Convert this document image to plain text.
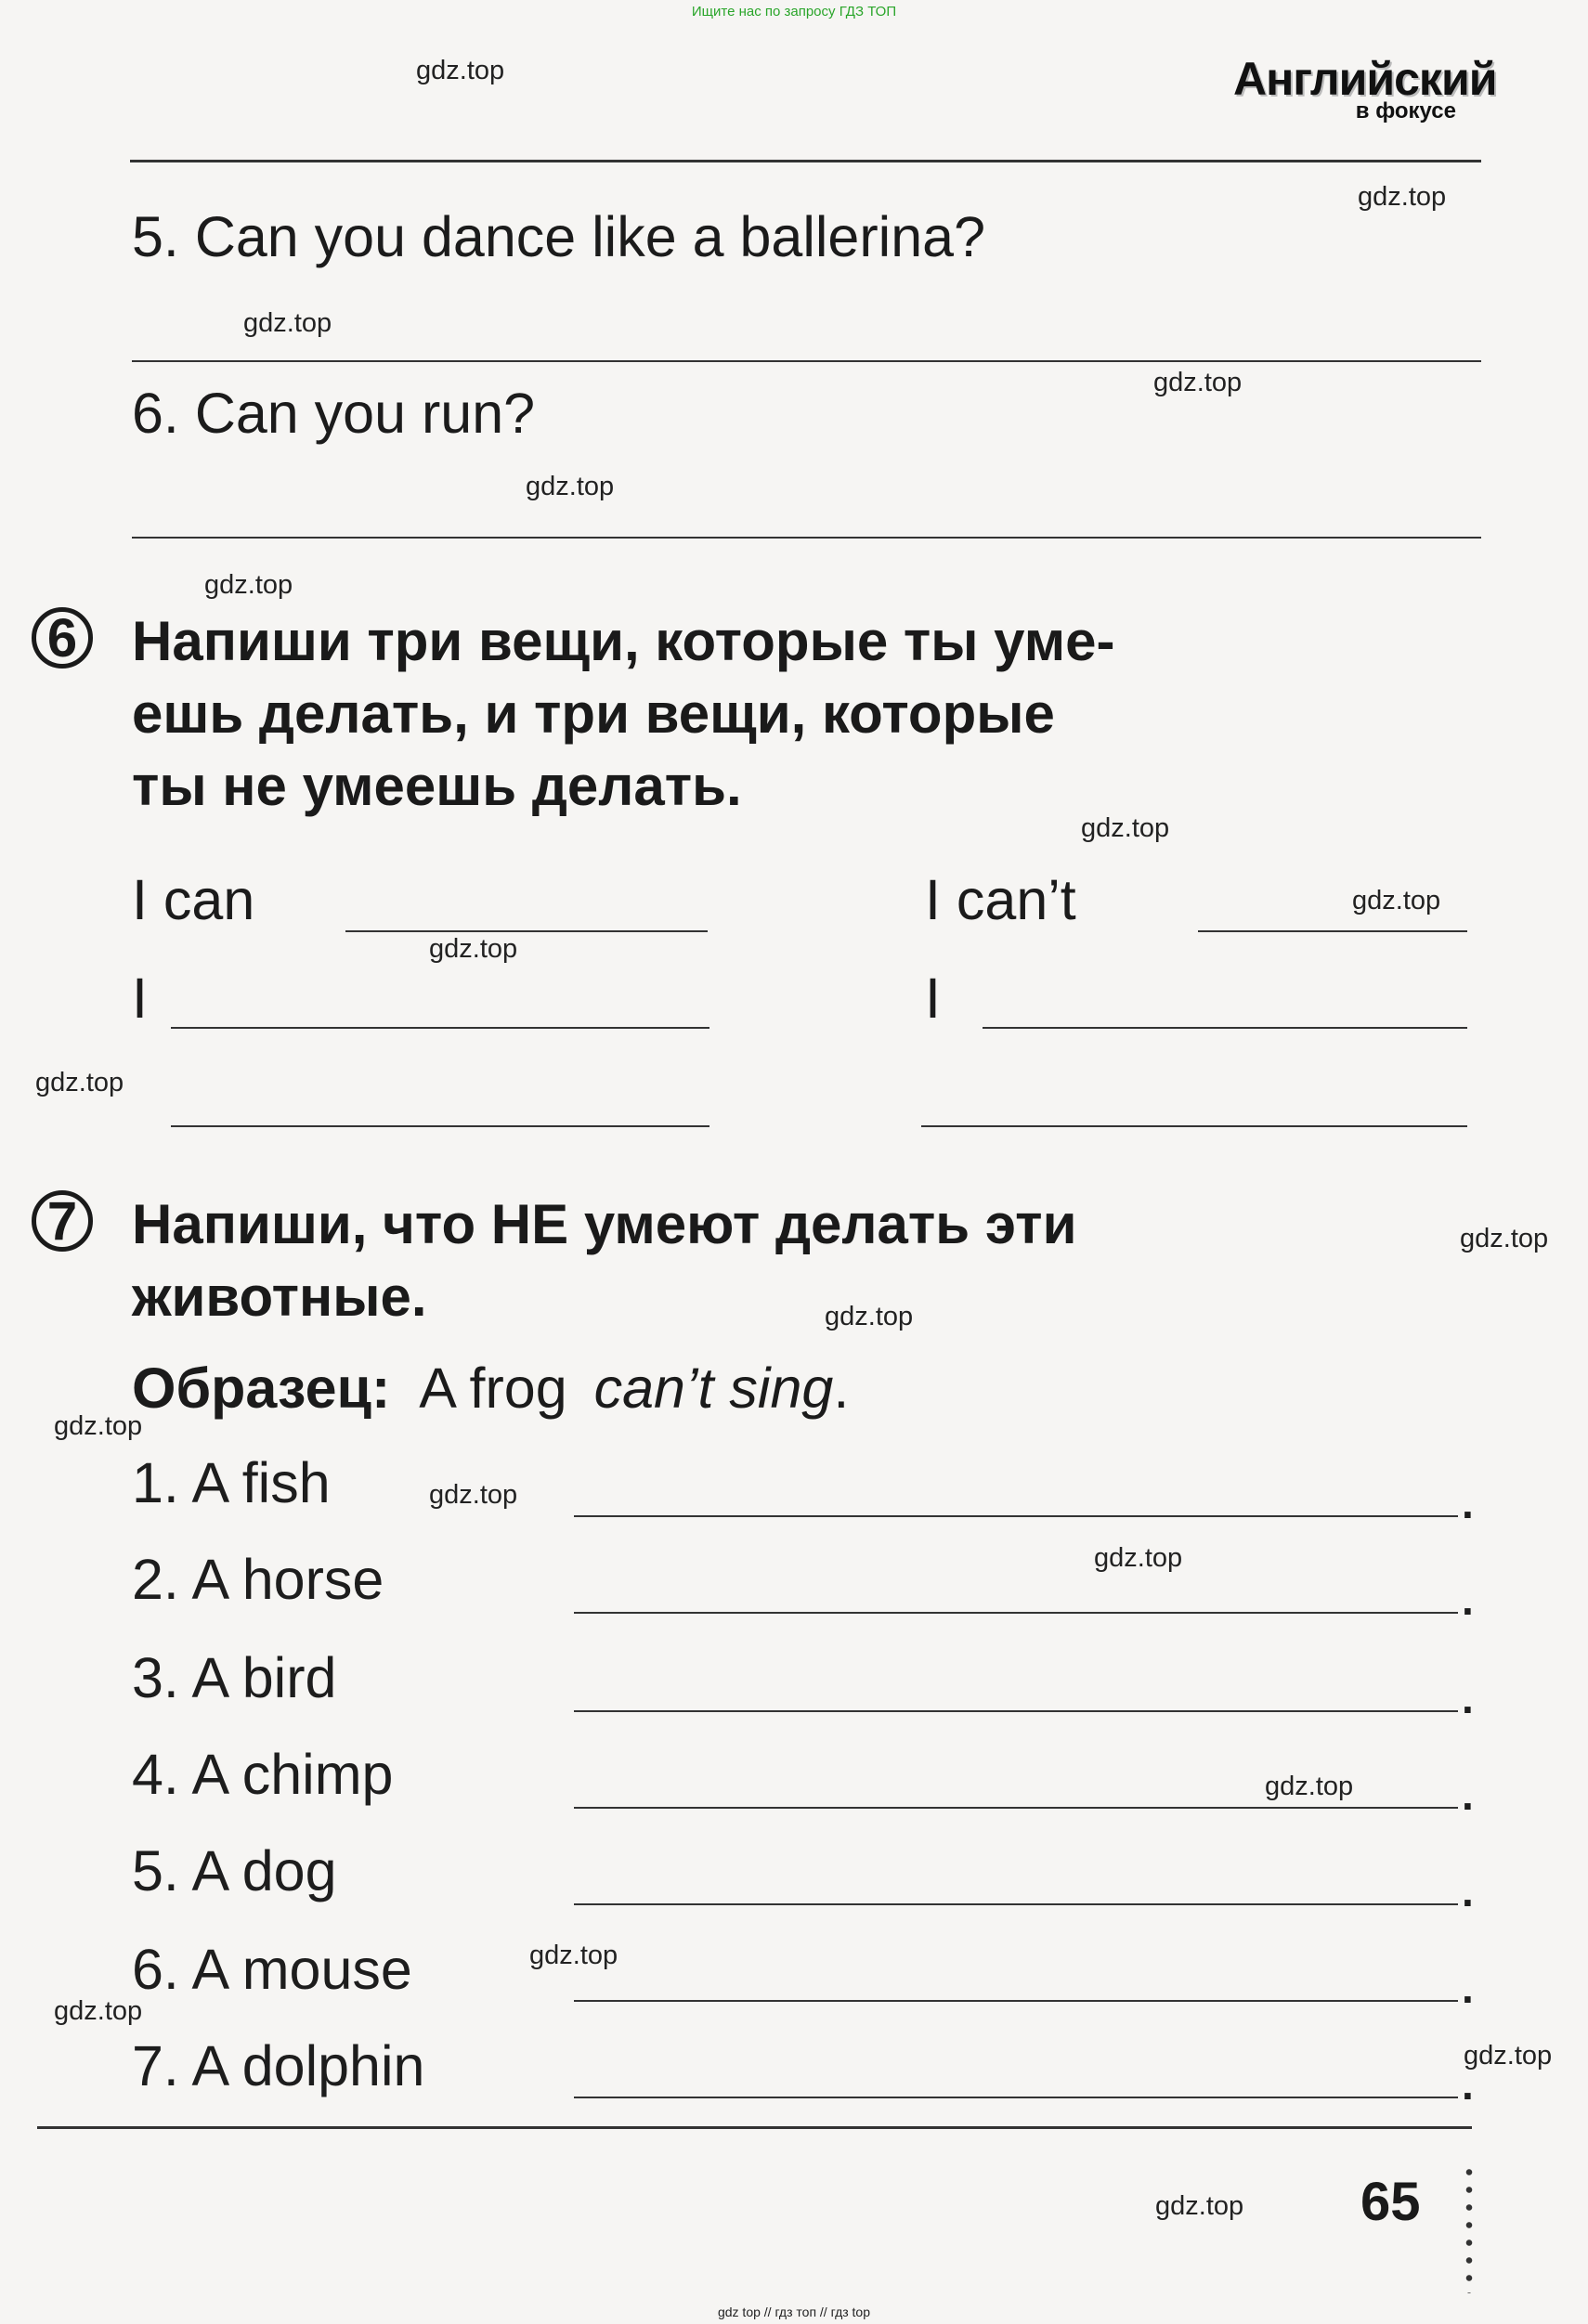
Ищите нас по запросу ГДЗ ТОП
gdz top // гдз топ // гдз top
Английский
в фокусе
5. Can you dance like a ballerina?
6. Can you run?
6 Напиши три вещи, которые ты уме-
ешь делать, и три вещи, которые
ты не умеешь делать.
I can	I can’t
I	I
7 Напиши, что НЕ умеют делать эти
животные.
Образец: A frog can’t sing.
1. A fish	.
2. A horse	.
3. A bird	.
4. A chimp	.
5. A dog	.
6. A mouse	.
7. A dolphin	.
65
gdz.top
gdz.top
gdz.top
gdz.top
gdz.top
gdz.top
gdz.top
gdz.top
gdz.top
gdz.top
gdz.top
gdz.top
gdz.top
gdz.top
gdz.top
gdz.top
gdz.top
gdz.top
gdz.top
gdz.top
